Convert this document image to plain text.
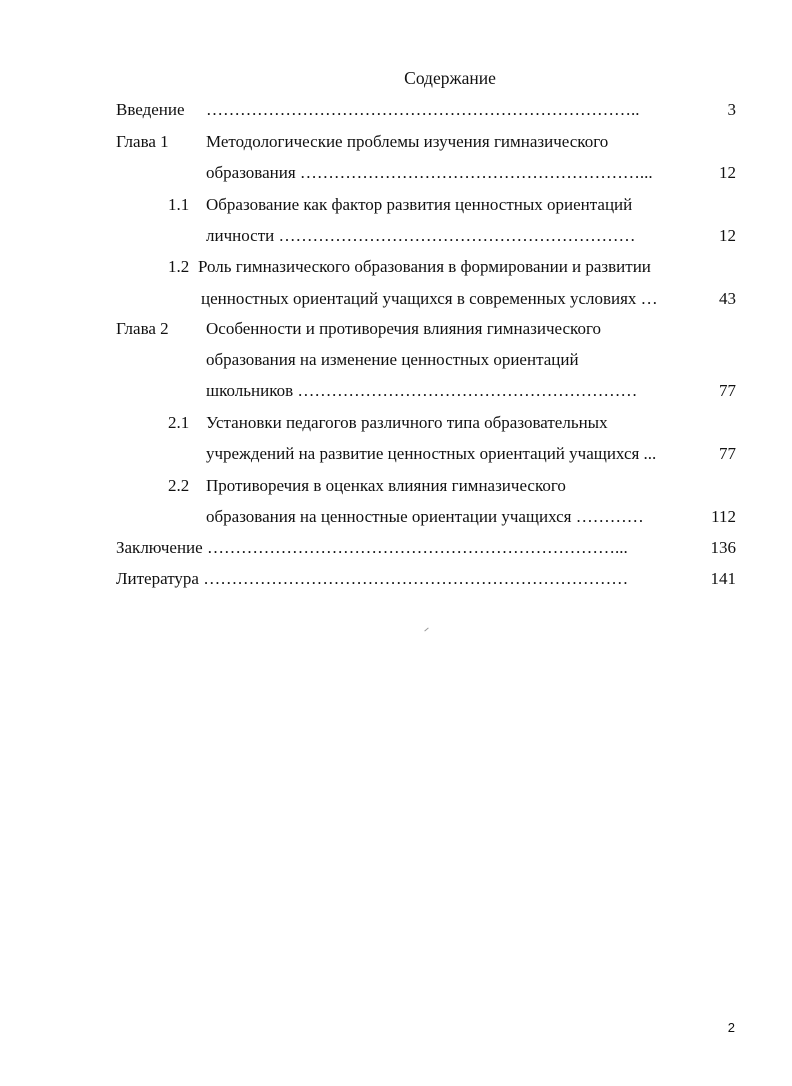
Содержание
Введение …………………………………………………………………..	3
Глава 1 Методологические проблемы изучения гимназического
образования ……………………………………………………...	12
1.1 Образование как фактор развития ценностных ориентаций
личности ………………………………………………………	12
1.2 Роль гимназического образования в формировании и развитии
ценностных ориентаций учащихся в современных условиях …	43
Глава 2 Особенности и противоречия влияния гимназического
образования на изменение ценностных ориентаций
школьников ……………………………………………………	77
2.1 Установки педагогов различного типа образовательных
учреждений на развитие ценностных ориентаций учащихся ...	77
2.2 Противоречия в оценках влияния гимназического
образования на ценностные ориентации учащихся …………	112
Заключение ………………………………………………………………...	136
Литература …………………………………………………………………	141
2
